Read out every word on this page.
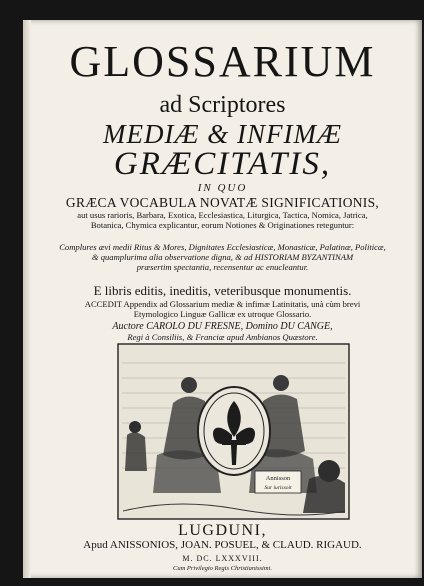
GLOSSARIUM
ad Scriptores
MEDIÆ & INFIMÆ
GRÆCITATIS,
IN QUO
GRÆCA VOCABULA NOVATÆ SIGNIFICATIONIS,
aut usus rarioris, Barbara, Exotica, Ecclesiastica, Liturgica, Tactica, Nomica, Jatrica,
Botanica, Chymica explicantur, eorum Notiones & Originationes reteguntur:
Complures ævi medii Ritus & Mores, Dignitates Ecclesiasticæ, Monasticæ, Palatinæ, Politicæ,
& quamplurima alia observatione digna, & ad HISTORIAM BYZANTINAM
præsertim spectantia, recensentur ac enucleantur.
E libris editis, ineditis, veteribusque monumentis.
ACCEDIT Appendix ad Glossarium mediæ & infimæ Latinitatis, unà cùm brevi
Etymologico Linguæ Gallicæ ex utroque Glossario.
Auctore CAROLO DU FRESNE, Domino DU CANGE,
Regi à Consiliis, & Franciæ apud Ambianos Quæstore.
Annisson
Sur iurissoit
LUGDUNI,
Apud ANISSONIOS, JOAN. POSUEL, & CLAUD. RIGAUD.
M. DC. LXXXVIII.
Cum Privilegio Regis Christianissimi.
